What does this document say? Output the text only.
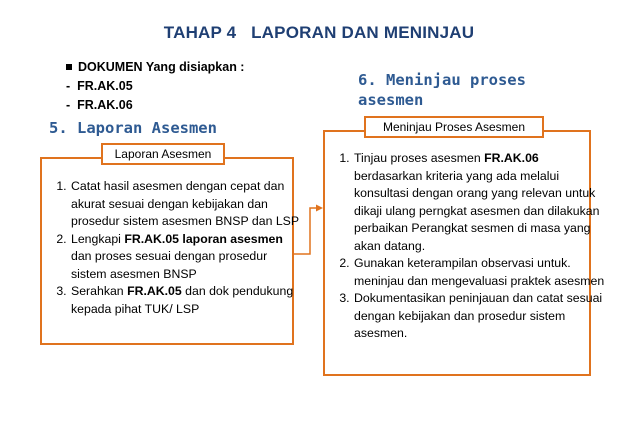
TAHAP 4   LAPORAN DAN MENINJAU
DOKUMEN Yang disiapkan :
-  FR.AK.05
-  FR.AK.06
6. Meninjau proses asesmen
5. Laporan Asesmen
Laporan Asesmen
Meninjau Proses Asesmen
1. Catat hasil asesmen dengan cepat dan akurat sesuai dengan kebijakan dan prosedur sistem asesmen BNSP dan LSP
2. Lengkapi FR.AK.05 laporan asesmen dan proses sesuai dengan prosedur sistem asesmen BNSP
3. Serahkan FR.AK.05 dan dok pendukung kepada pihat TUK/ LSP
1. Tinjau proses asesmen FR.AK.06 berdasarkan kriteria yang ada melalui konsultasi dengan orang yang relevan untuk dikaji ulang perngkat asesmen dan dilakukan perbaikan Perangkat sesmen di masa yang akan datang.
2. Gunakan keterampilan observasi untuk. meninjau dan mengevaluasi praktek asesmen
3. Dokumentasikan peninjauan dan catat sesuai dengan kebijakan dan prosedur sistem asesmen.
